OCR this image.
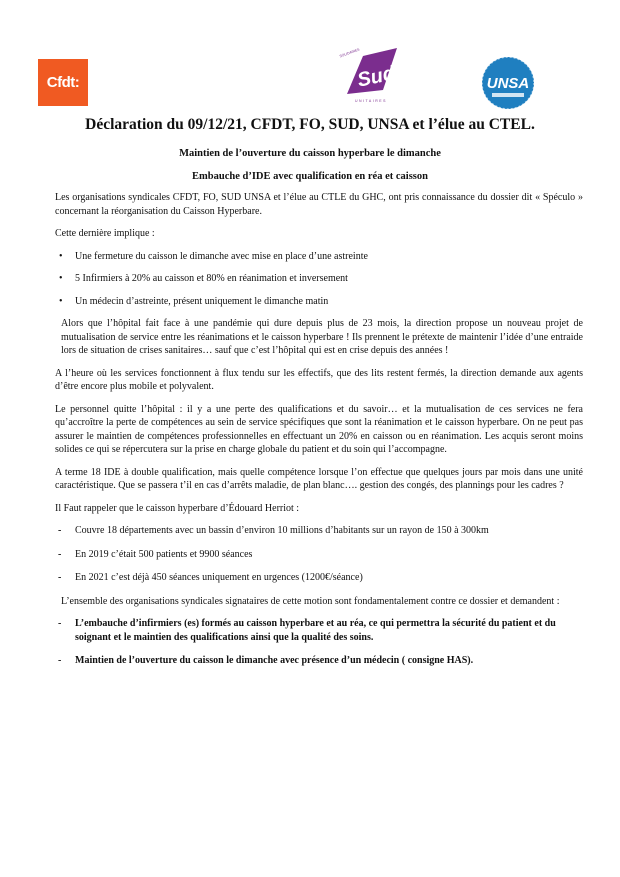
Cfdt:
SOLIDAIRES
Sud
UNITAIRES
UNSA
Déclaration du 09/12/21, CFDT, FO, SUD, UNSA et l’élue au CTEL.
Maintien de l’ouverture du caisson hyperbare le dimanche
Embauche d’IDE avec qualification en réa et caisson

Les organisations syndicales CFDT, FO, SUD UNSA et l’élue au CTLE du GHC, ont pris connaissance du dossier dit « Spéculo » concernant la réorganisation du Caisson Hyperbare.

Cette dernière implique :

• Une fermeture du caisson le dimanche avec mise en place d’une astreinte
• 5 Infirmiers à 20% au caisson et 80% en réanimation et inversement
• Un médecin d’astreinte, présent uniquement le dimanche matin

Alors que l’hôpital fait face à une pandémie qui dure depuis plus de 23 mois, la direction propose un nouveau projet de mutualisation de service entre les réanimations et le caisson hyperbare ! Ils prennent le prétexte de maintenir l’idée d’une entraide lors de situation de crises sanitaires… sauf que c’est l’hôpital qui est en crise depuis des années !

A l’heure où les services fonctionnent à flux tendu sur les effectifs, que des lits restent fermés, la direction demande aux agents d’être encore plus mobile et polyvalent.

Le personnel quitte l’hôpital : il y a une perte des qualifications et du savoir… et la mutualisation de ces services ne fera qu’accroître la perte de compétences au sein de service spécifiques que sont la réanimation et le caisson hyperbare. On ne peut pas assurer le maintien de compétences professionnelles en effectuant un 20% en caisson ou en réanimation. Les acquis seront moins solides ce qui se répercutera sur la prise en charge globale du patient et du soin qui l’accompagne.

A terme 18 IDE à double qualification, mais quelle compétence lorsque l’on effectue que quelques jours par mois dans une unité caractéristique. Que se passera t’il en cas d’arrêts maladie, de plan blanc…. gestion des congés, des plannings pour les cadres ?

Il Faut rappeler que le caisson hyperbare d’Édouard Herriot :

- Couvre 18 départements avec un bassin d’environ 10 millions d’habitants sur un rayon de 150 à 300km
- En 2019 c’était 500 patients et 9900 séances
- En 2021 c’est déjà 450 séances uniquement en urgences (1200€/séance)

L’ensemble des organisations syndicales signataires de cette motion sont fondamentalement contre ce dossier et demandent :

- L’embauche d’infirmiers (es) formés au caisson hyperbare et au réa, ce qui permettra la sécurité du patient et du soignant et le maintien des qualifications ainsi que la qualité des soins.
- Maintien de l’ouverture du caisson le dimanche avec présence d’un médecin ( consigne HAS).
